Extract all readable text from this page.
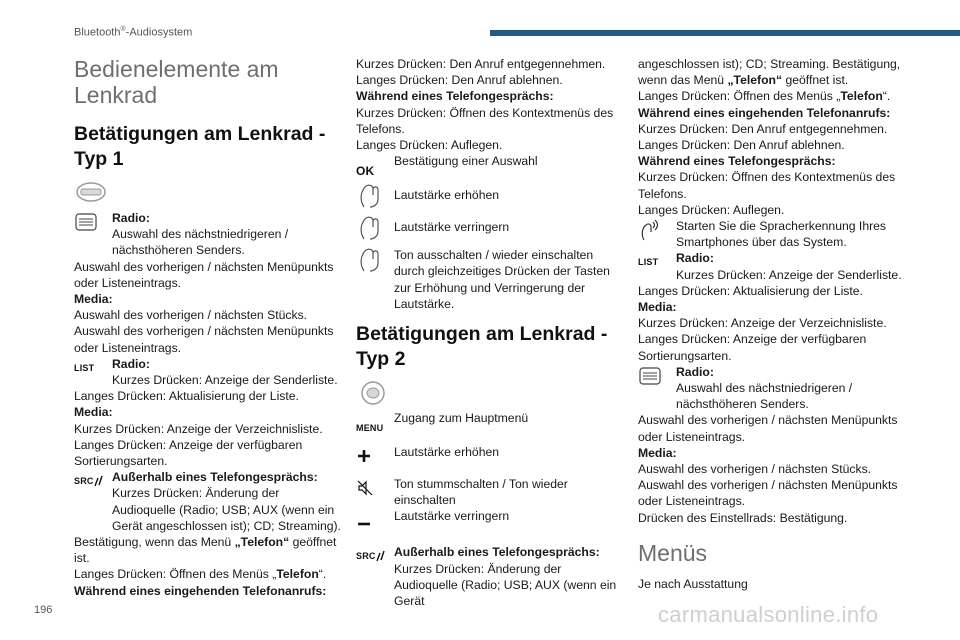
Bluetooth®-Audiosystem
Bedienelemente am Lenkrad
Betätigungen am Lenkrad - Typ 1

Radio:

Auswahl des nächstniedrigeren / nächsthöheren Senders.

Auswahl des vorherigen / nächsten Menüpunkts oder Listeneintrags.

Media:

Auswahl des vorherigen / nächsten Stücks.

Auswahl des vorherigen / nächsten Menüpunkts oder Listeneintrags.

LIST Radio:

Kurzes Drücken: Anzeige der Senderliste.

Langes Drücken: Aktualisierung der Liste.

Media:

Kurzes Drücken: Anzeige der Verzeichnisliste.

Langes Drücken: Anzeige der verfügbaren Sortierungsarten.

SRC Außerhalb eines Telefongesprächs:

Kurzes Drücken: Änderung der Audioquelle (Radio; USB; AUX (wenn ein Gerät angeschlossen ist); CD; Streaming).

Bestätigung, wenn das Menü „Telefon“ geöffnet ist.

Langes Drücken: Öffnen des Menüs „Telefon“.

Während eines eingehenden Telefonanrufs:

Kurzes Drücken: Den Anruf entgegennehmen.

Langes Drücken: Den Anruf ablehnen.

Während eines Telefongesprächs:

Kurzes Drücken: Öffnen des Kontextmenüs des Telefons.

Langes Drücken: Auflegen.

OK

Bestätigung einer Auswahl

Lautstärke erhöhen

Lautstärke verringern

Ton ausschalten / wieder einschalten durch gleichzeitiges Drücken der Tasten zur Erhöhung und Verringerung der Lautstärke.

Betätigungen am Lenkrad - Typ 2
MENU

Zugang zum Hauptmenü

Lautstärke erhöhen

Ton stummschalten / Ton wieder einschalten

Lautstärke verringern

SRC Außerhalb eines Telefongesprächs:

Kurzes Drücken: Änderung der Audioquelle (Radio; USB; AUX (wenn ein Gerät

angeschlossen ist); CD; Streaming. Bestätigung, wenn das Menü „Telefon“ geöffnet ist.

Langes Drücken: Öffnen des Menüs „Telefon“.

Während eines eingehenden Telefonanrufs:

Kurzes Drücken: Den Anruf entgegennehmen.

Langes Drücken: Den Anruf ablehnen.

Während eines Telefongesprächs:

Kurzes Drücken: Öffnen des Kontextmenüs des Telefons.

Langes Drücken: Auflegen.

Starten Sie die Spracherkennung Ihres Smartphones über das System.

LIST Radio:

Kurzes Drücken: Anzeige der Senderliste.

Langes Drücken: Aktualisierung der Liste.

Media:

Kurzes Drücken: Anzeige der Verzeichnisliste.

Langes Drücken: Anzeige der verfügbaren Sortierungsarten.

Radio:

Auswahl des nächstniedrigeren / nächsthöheren Senders.

Auswahl des vorherigen / nächsten Menüpunkts oder Listeneintrags.

Media:

Auswahl des vorherigen / nächsten Stücks.

Auswahl des vorherigen / nächsten Menüpunkts oder Listeneintrags.

Drücken des Einstellrads: Bestätigung.

Menüs

Je nach Ausstattung

196	carmanualsonline.info
